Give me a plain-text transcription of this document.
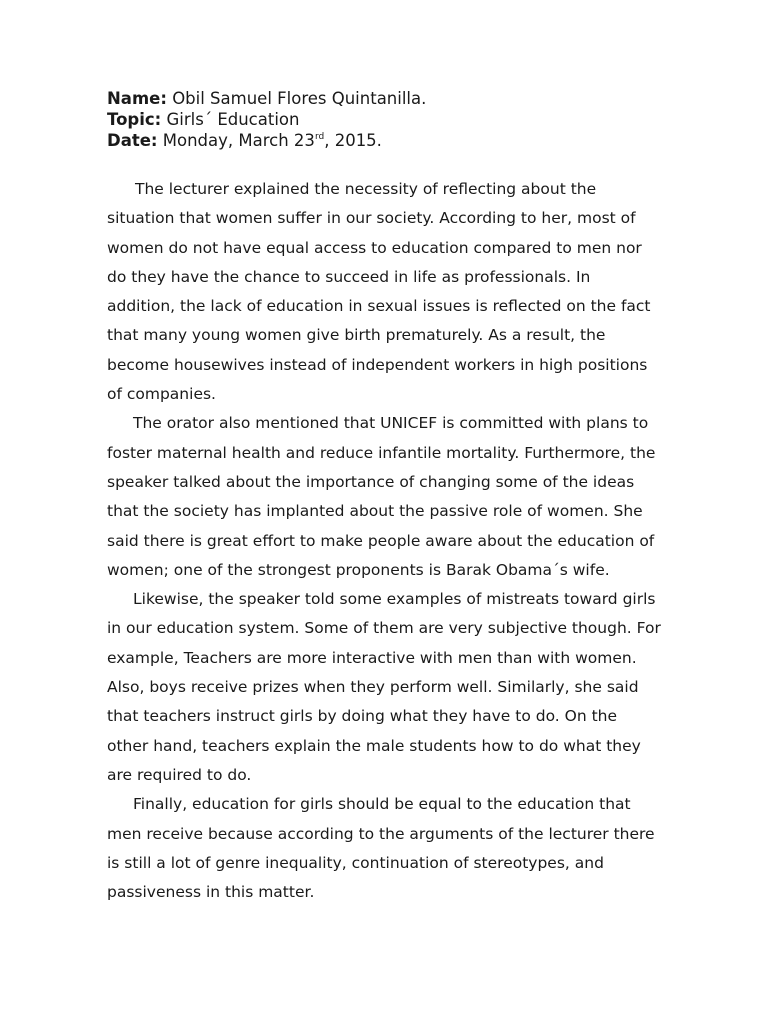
Name: Obil Samuel Flores Quintanilla.
Topic: Girls´ Education
Date: Monday, March 23rd, 2015.

The lecturer explained the necessity of reflecting about the situation that women suffer in our society. According to her, most of women do not have equal access to education compared to men nor do they have the chance to succeed in life as professionals. In addition, the lack of education in sexual issues is reflected on the fact that many young women give birth prematurely. As a result, the become housewives instead of independent workers in high positions of companies.

The orator also mentioned that UNICEF is committed with plans to foster maternal health and reduce infantile mortality. Furthermore, the speaker talked about the importance of changing some of the ideas that the society has implanted about the passive role of women. She said there is great effort to make people aware about the education of women; one of the strongest proponents is Barak Obama´s wife.

Likewise, the speaker told some examples of mistreats toward girls in our education system. Some of them are very subjective though. For example, Teachers are more interactive with men than with women. Also, boys receive prizes when they perform well. Similarly, she said that teachers instruct girls by doing what they have to do. On the other hand, teachers explain the male students how to do what they are required to do.

Finally, education for girls should be equal to the education that men receive because according to the arguments of the lecturer there is still a lot of genre inequality, continuation of stereotypes, and passiveness in this matter.
